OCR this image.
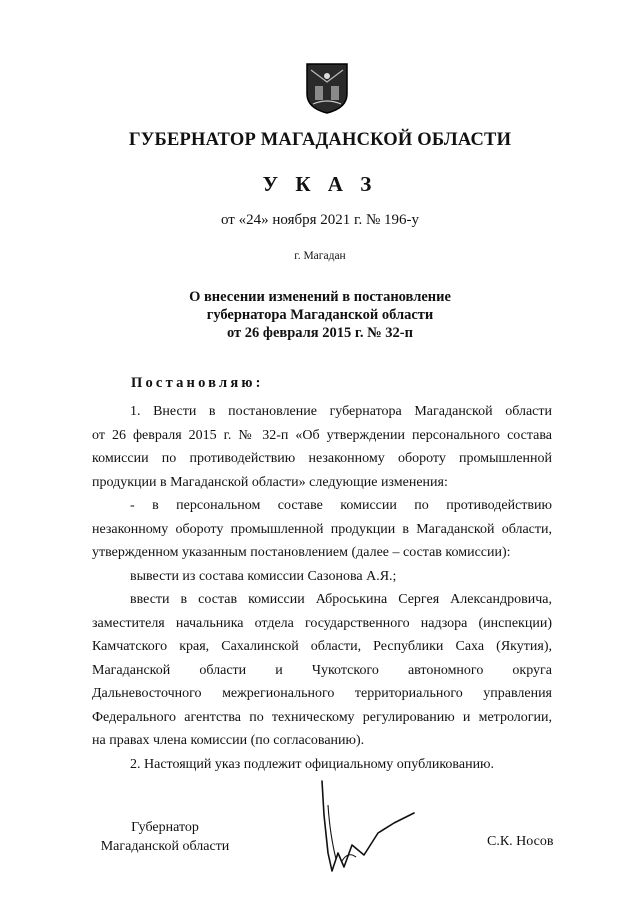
ГУБЕРНАТОР МАГАДАНСКОЙ ОБЛАСТИ
У К А З
от «24» ноября 2021 г. № 196-у
г. Магадан
О внесении изменений в постановление
губернатора Магаданской области
от 26 февраля 2015 г. № 32-п
Постановляю:
1. Внести в постановление губернатора Магаданской области
от 26 февраля 2015 г. № 32-п «Об утверждении персонального состава
комиссии по противодействию незаконному обороту промышленной
продукции в Магаданской области» следующие изменения:
- в персональном составе комиссии по противодействию
незаконному обороту промышленной продукции в Магаданской области,
утвержденном указанным постановлением (далее – состав комиссии):
вывести из состава комиссии Сазонова А.Я.;
ввести в состав комиссии Аброськина Сергея Александровича,
заместителя начальника отдела государственного надзора (инспекции)
Камчатского края, Сахалинской области, Республики Саха (Якутия),
Магаданской области и Чукотского автономного округа
Дальневосточного межрегионального территориального управления
Федерального агентства по техническому регулированию и метрологии,
на правах члена комиссии (по согласованию).
2. Настоящий указ подлежит официальному опубликованию.
Губернатор
Магаданской области	С.К. Носов
